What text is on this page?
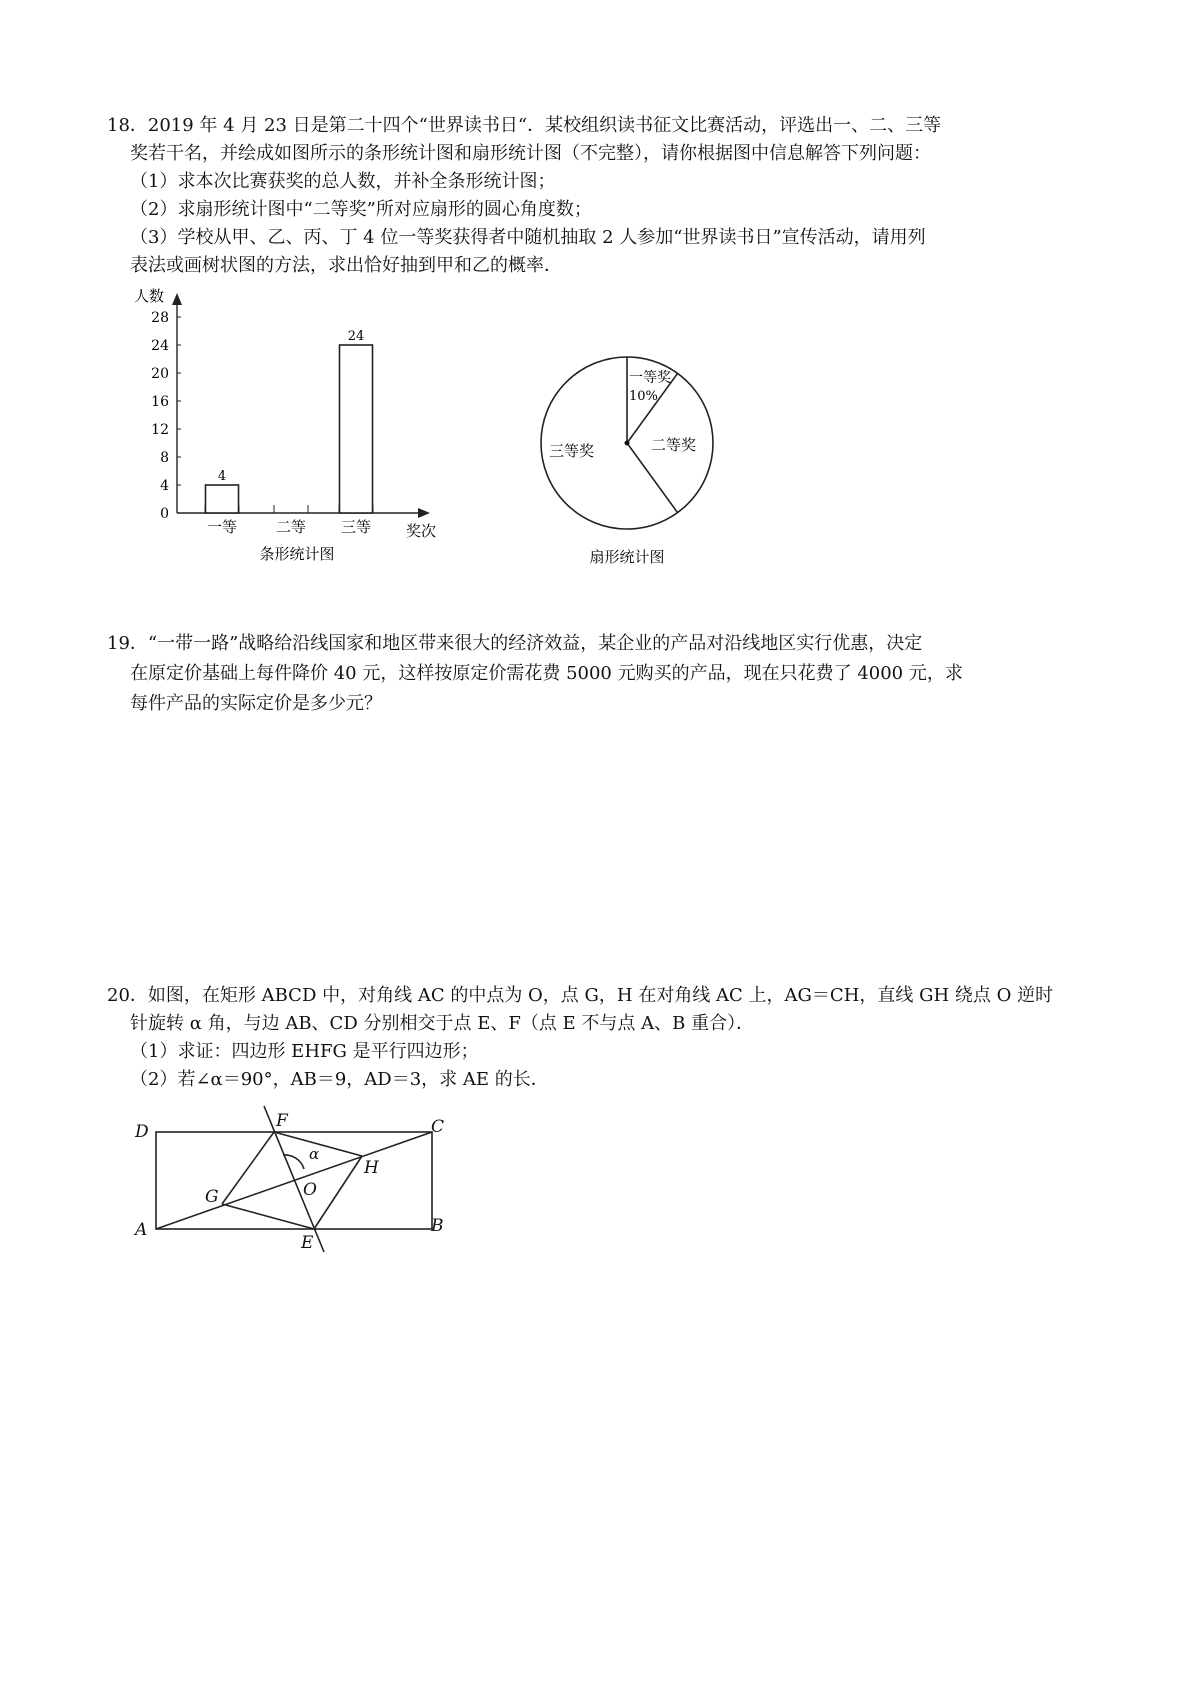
18．2019 年 4 月 23 日是第二十四个“世界读书日“．某校组织读书征文比赛活动，评选出一、二、三等
奖若干名，并绘成如图所示的条形统计图和扇形统计图（不完整），请你根据图中信息解答下列问题：
（1）求本次比赛获奖的总人数，并补全条形统计图；
（2）求扇形统计图中“二等奖”所对应扇形的圆心角度数；
（3）学校从甲、乙、丙、丁 4 位一等奖获得者中随机抽取 2 人参加“世界读书日”宣传活动，请用列
表法或画树状图的方法，求出恰好抽到甲和乙的概率．
人数
0
4
8
12
16
20
24
28
一等
4
二等 三等
24
奖次
条形统计图
一等奖
10%
二等奖
三等奖
扇形统计图
19．“一带一路”战略给沿线国家和地区带来很大的经济效益，某企业的产品对沿线地区实行优惠，决定
在原定价基础上每件降价 40 元，这样按原定价需花费 5000 元购买的产品，现在只花费了 4000 元，求
每件产品的实际定价是多少元？
20．如图，在矩形 ABCD 中，对角线 AC 的中点为 O，点 G，H 在对角线 AC 上，AG＝CH，直线 GH 绕点 O 逆时
针旋转 α 角，与边 AB、CD 分别相交于点 E、F（点 E 不与点 A、B 重合）．
（1）求证：四边形 EHFG 是平行四边形；
（2）若∠α＝90°，AB＝9，AD＝3，求 AE 的长．
D	C
A	B
F
E
G
H
O
α
